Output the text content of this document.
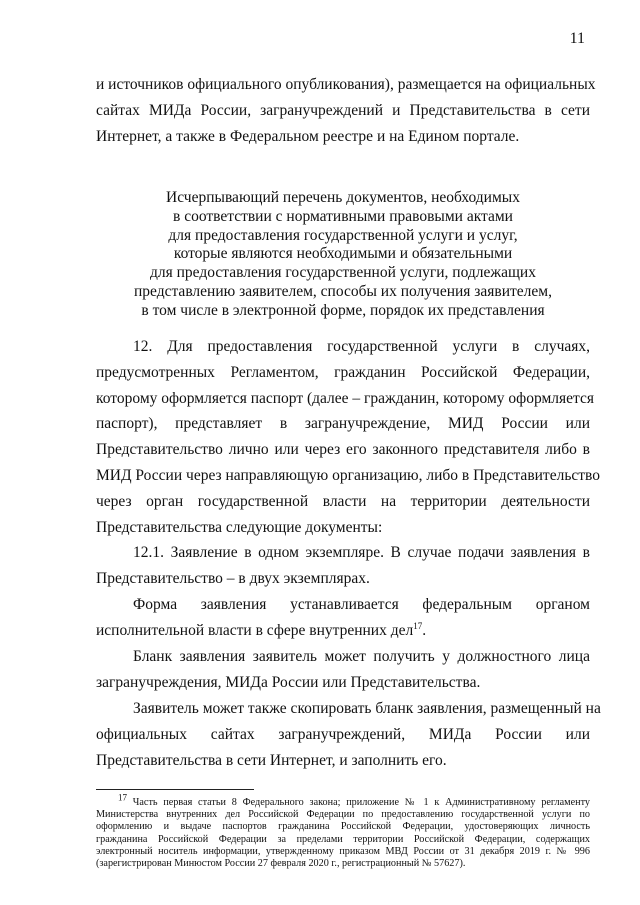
11

и источников официального опубликования), размещается на официальных
сайтах МИДа России, загранучреждений и Представительства в сети
Интернет, а также в Федеральном реестре и на Едином портале.

Исчерпывающий перечень документов, необходимых
в соответствии с нормативными правовыми актами
для предоставления государственной услуги и услуг,
которые являются необходимыми и обязательными
для предоставления государственной услуги, подлежащих
представлению заявителем, способы их получения заявителем,
в том числе в электронной форме, порядок их представления

12. Для предоставления государственной услуги в случаях,
предусмотренных Регламентом, гражданин Российской Федерации,
которому оформляется паспорт (далее – гражданин, которому оформляется
паспорт), представляет в загранучреждение, МИД России или
Представительство лично или через его законного представителя либо в
МИД России через направляющую организацию, либо в Представительство
через орган государственной власти на территории деятельности
Представительства следующие документы:

12.1. Заявление в одном экземпляре. В случае подачи заявления в
Представительство – в двух экземплярах.

Форма заявления устанавливается федеральным органом
исполнительной власти в сфере внутренних дел$^{17}$.

Бланк заявления заявитель может получить у должностного лица
загранучреждения, МИДа России или Представительства.

Заявитель может также скопировать бланк заявления, размещенный на
официальных сайтах загранучреждений, МИДа России или
Представительства в сети Интернет, и заполнить его.

$^{17}$ Часть первая статьи 8 Федерального закона; приложение № 1 к Административному регламенту
Министерства внутренних дел Российской Федерации по предоставлению государственной услуги по
оформлению и выдаче паспортов гражданина Российской Федерации, удостоверяющих личность
гражданина Российской Федерации за пределами территории Российской Федерации, содержащих
электронный носитель информации, утвержденному приказом МВД России от 31 декабря 2019 г. № 996
(зарегистрирован Минюстом России 27 февраля 2020 г., регистрационный № 57627).
